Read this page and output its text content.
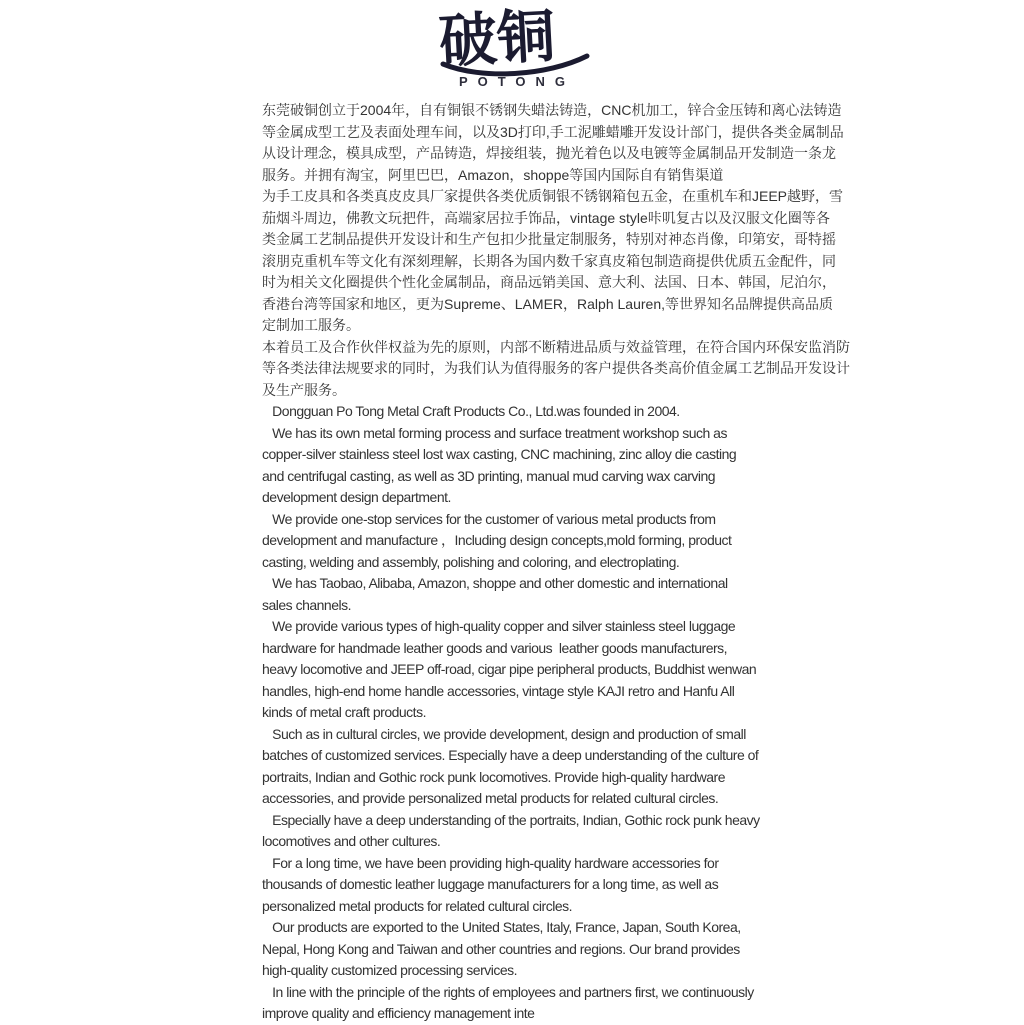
破铜
POTONG

东莞破铜创立于2004年，自有铜银不锈钢失蜡法铸造，CNC机加工，锌合金压铸和离心法铸造
等金属成型工艺及表面处理车间，以及3D打印,手工泥雕蜡雕开发设计部门，提供各类金属制品
从设计理念，模具成型，产品铸造，焊接组装，抛光着色以及电镀等金属制品开发制造一条龙
服务。并拥有淘宝，阿里巴巴，Amazon，shoppe等国内国际自有销售渠道

为手工皮具和各类真皮皮具厂家提供各类优质铜银不锈钢箱包五金，在重机车和JEEP越野，雪
茄烟斗周边，佛教文玩把件，高端家居拉手饰品，vintage style咔叽复古以及汉服文化圈等各
类金属工艺制品提供开发设计和生产包扣少批量定制服务，特别对神态肖像，印第安，哥特摇
滚朋克重机车等文化有深刻理解，长期各为国内数千家真皮箱包制造商提供优质五金配件，同
时为相关文化圈提供个性化金属制品，商品远销美国、意大利、法国、日本、韩国，尼泊尔，
香港台湾等国家和地区，更为Supreme、LAMER，Ralph Lauren,等世界知名品牌提供高品质
定制加工服务。

本着员工及合作伙伴权益为先的原则，内部不断精进品质与效益管理，在符合国内环保安监消防
等各类法律法规要求的同时，为我们认为值得服务的客户提供各类高价值金属工艺制品开发设计
及生产服务。

Dongguan Po Tong Metal Craft Products Co., Ltd.was founded in 2004.

We has its own metal forming process and surface treatment workshop such as
copper-silver stainless steel lost wax casting, CNC machining, zinc alloy die casting
and centrifugal casting, as well as 3D printing, manual mud carving wax carving
development design department.

We provide one-stop services for the customer of various metal products from
development and manufacture ，Including design concepts,mold forming, product
casting, welding and assembly, polishing and coloring, and electroplating.

We has Taobao, Alibaba, Amazon, shoppe and other domestic and international
sales channels.

We provide various types of high-quality copper and silver stainless steel luggage
hardware for handmade leather goods and various  leather goods manufacturers,
heavy locomotive and JEEP off-road, cigar pipe peripheral products, Buddhist wenwan
handles, high-end home handle accessories, vintage style KAJI retro and Hanfu All
kinds of metal craft products.

Such as in cultural circles, we provide development, design and production of small
batches of customized services. Especially have a deep understanding of the culture of
portraits, Indian and Gothic rock punk locomotives. Provide high-quality hardware
accessories, and provide personalized metal products for related cultural circles.

Especially have a deep understanding of the portraits, Indian, Gothic rock punk heavy
locomotives and other cultures.

For a long time, we have been providing high-quality hardware accessories for
thousands of domestic leather luggage manufacturers for a long time, as well as
personalized metal products for related cultural circles.

Our products are exported to the United States, Italy, France, Japan, South Korea,
Nepal, Hong Kong and Taiwan and other countries and regions. Our brand provides
high-quality customized processing services.

In line with the principle of the rights of employees and partners first, we continuously
improve quality and efficiency management inte
